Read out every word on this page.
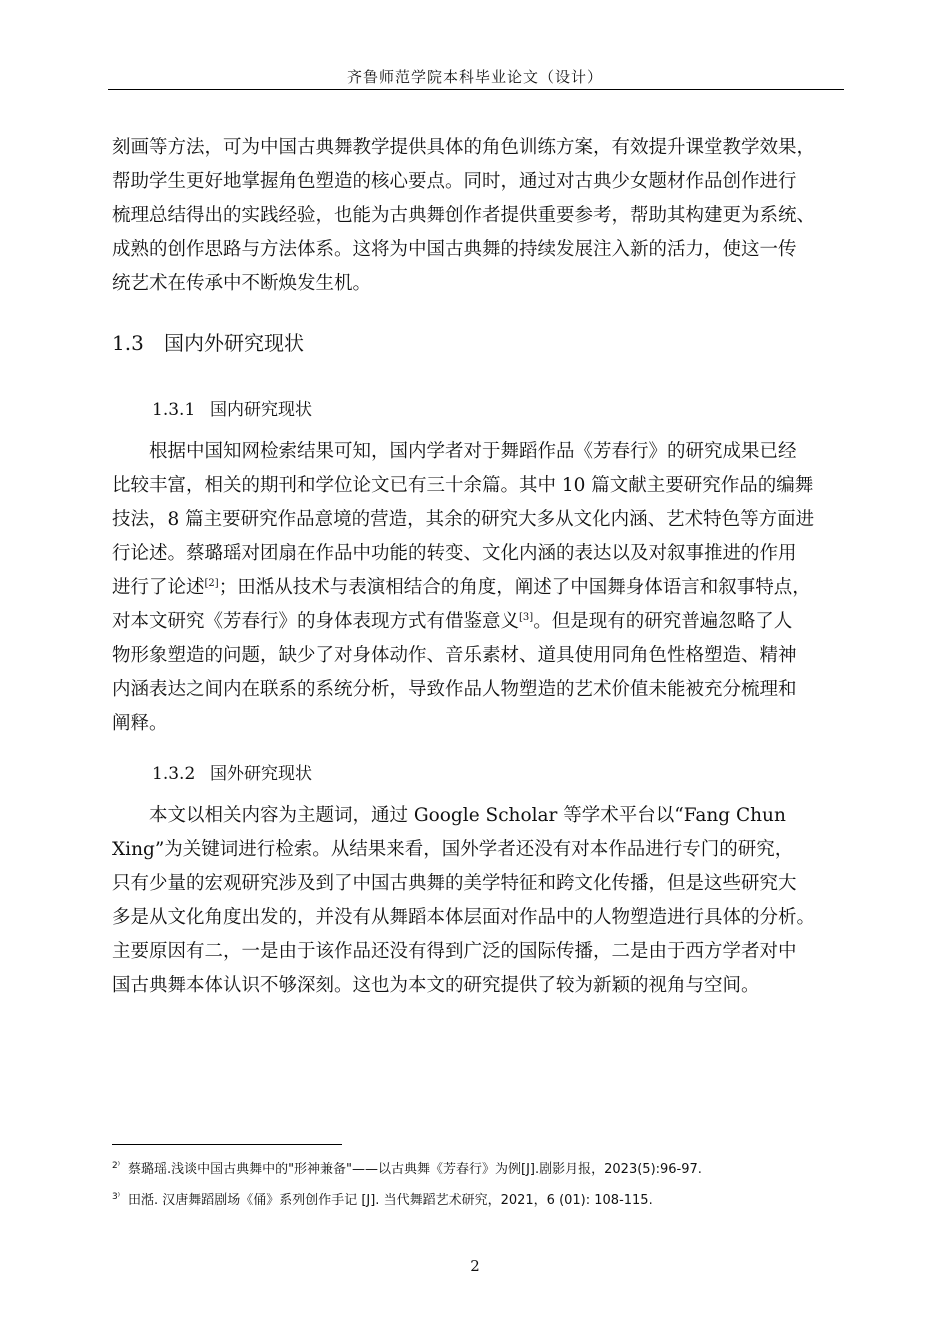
齐鲁师范学院本科毕业论文（设计）
刻画等方法，可为中国古典舞教学提供具体的角色训练方案，有效提升课堂教学效果，
帮助学生更好地掌握角色塑造的核心要点。同时，通过对古典少女题材作品创作进行
梳理总结得出的实践经验，也能为古典舞创作者提供重要参考，帮助其构建更为系统、
成熟的创作思路与方法体系。这将为中国古典舞的持续发展注入新的活力，使这一传
统艺术在传承中不断焕发生机。
1.3 国内外研究现状
1.3.1 国内研究现状
根据中国知网检索结果可知，国内学者对于舞蹈作品《芳春行》的研究成果已经
比较丰富，相关的期刊和学位论文已有三十余篇。其中 10 篇文献主要研究作品的编舞
技法，8 篇主要研究作品意境的营造，其余的研究大多从文化内涵、艺术特色等方面进
行论述。蔡璐瑶对团扇在作品中功能的转变、文化内涵的表达以及对叙事推进的作用
进行了论述[2]；田湉从技术与表演相结合的角度，阐述了中国舞身体语言和叙事特点，
对本文研究《芳春行》的身体表现方式有借鉴意义[3]。但是现有的研究普遍忽略了人
物形象塑造的问题，缺少了对身体动作、音乐素材、道具使用同角色性格塑造、精神
内涵表达之间内在联系的系统分析，导致作品人物塑造的艺术价值未能被充分梳理和
阐释。
1.3.2 国外研究现状
本文以相关内容为主题词，通过 Google Scholar 等学术平台以“Fang Chun
Xing”为关键词进行检索。从结果来看，国外学者还没有对本作品进行专门的研究，
只有少量的宏观研究涉及到了中国古典舞的美学特征和跨文化传播，但是这些研究大
多是从文化角度出发的，并没有从舞蹈本体层面对作品中的人物塑造进行具体的分析。
主要原因有二，一是由于该作品还没有得到广泛的国际传播，二是由于西方学者对中
国古典舞本体认识不够深刻。这也为本文的研究提供了较为新颖的视角与空间。

$^{2^)}$ 蔡璐瑶.浅谈中国古典舞中的"形神兼备"——以古典舞《芳春行》为例[J].剧影月报，2023(5):96-97.

$^{3^)}$ 田湉. 汉唐舞蹈剧场《俑》系列创作手记 [J]. 当代舞蹈艺术研究，2021，6 (01): 108-115.

2
